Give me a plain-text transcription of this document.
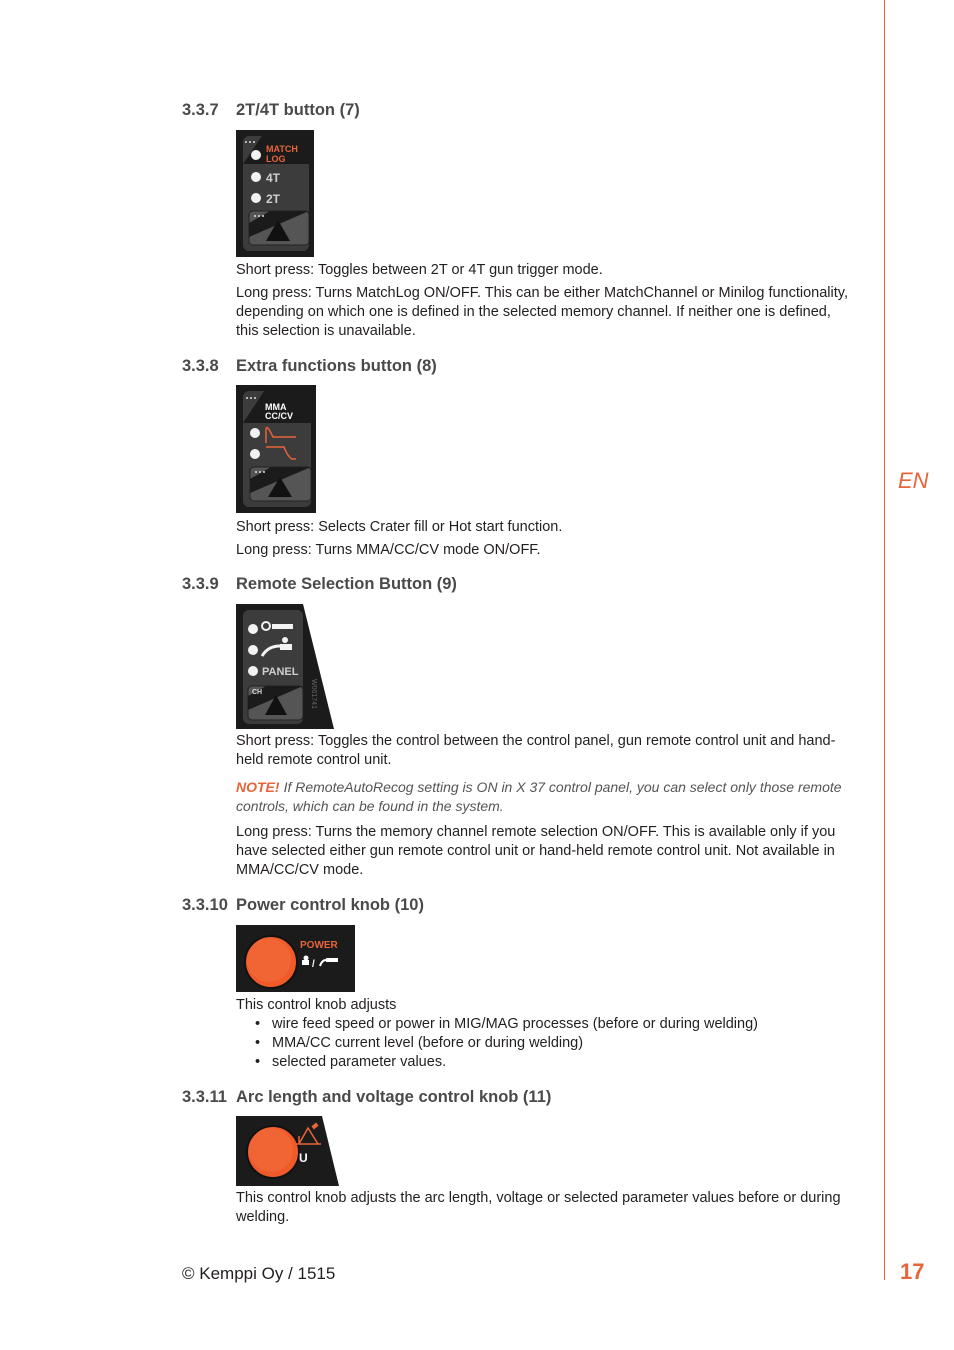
EN
17
© Kemppi Oy / 1515
3.3.7 2T/4T button (7)
MATCH
LOG
4T
2T

Short press: Toggles between 2T or 4T gun trigger mode.

Long press: Turns MatchLog ON/OFF. This can be either MatchChannel or Minilog functionality, depending on which one is defined in the selected memory channel. If neither one is defined, this selection is unavailable.

3.3.8 Extra functions button (8)
MMA
CC/CV

Short press: Selects Crater fill or Hot start function.

Long press: Turns MMA/CC/CV mode ON/OFF.

3.3.9 Remote Selection Button (9)
PANEL
CH	W001741

Short press: Toggles the control between the control panel, gun remote control unit and hand-held remote control unit.

NOTE! If RemoteAutoRecog setting is ON in X 37 control panel, you can select only those remote controls, which can be found in the system.

Long press: Turns the memory channel remote selection ON/OFF. This is available only if you have selected either gun remote control unit or hand-held remote control unit. Not available in MMA/CC/CV mode.

3.3.10 Power control knob (10)
POWER
/

This control knob adjusts

• wire feed speed or power in MIG/MAG processes (before or during welding)
• MMA/CC current level (before or during welding)
• selected parameter values.
3.3.11 Arc length and voltage control knob (11)
U

This control knob adjusts the arc length, voltage or selected parameter values before or during welding.
